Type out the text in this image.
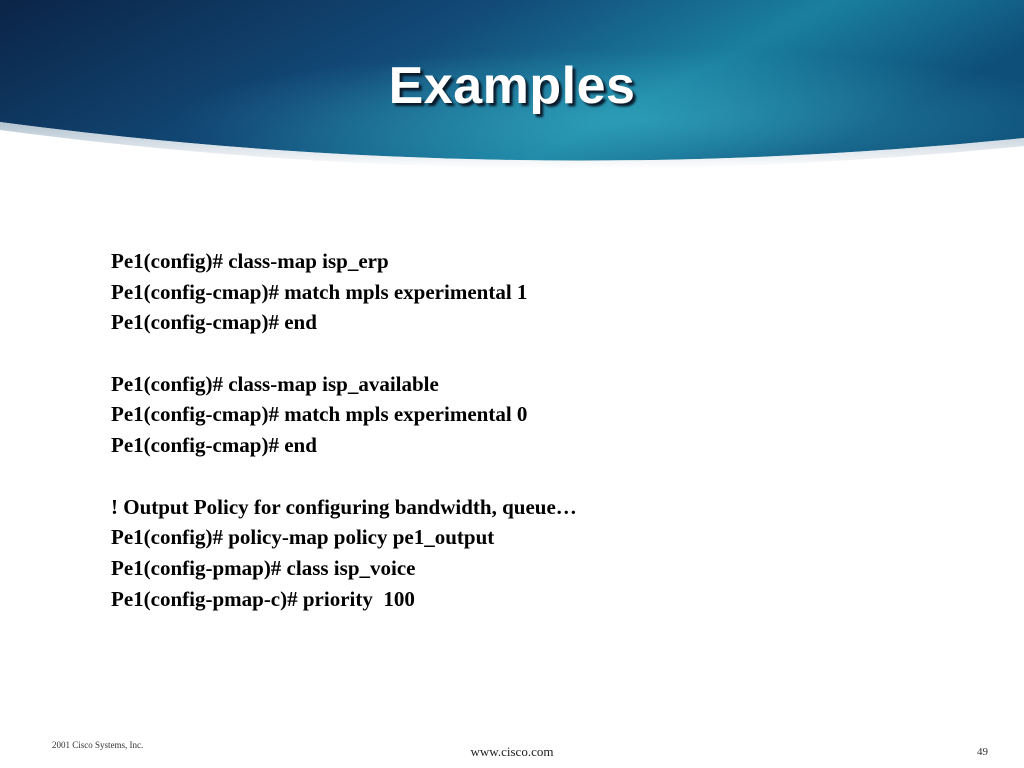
Examples
Pe1(config)# class-map isp_erp
Pe1(config-cmap)# match mpls experimental 1
Pe1(config-cmap)# end
Pe1(config)# class-map isp_available
Pe1(config-cmap)# match mpls experimental 0
Pe1(config-cmap)# end
! Output Policy for configuring bandwidth, queue…
Pe1(config)# policy-map policy pe1_output
Pe1(config-pmap)# class isp_voice
Pe1(config-pmap-c)# priority  100
2001 Cisco Systems, Inc.	www.cisco.com	49
